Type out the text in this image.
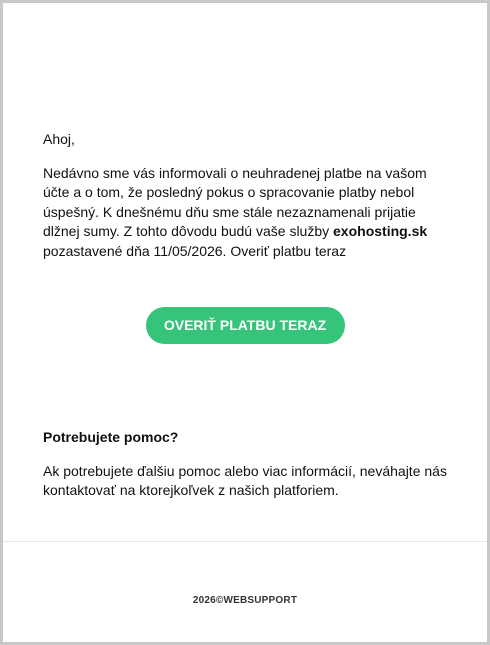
Ahoj,

Nedávno sme vás informovali o neuhradenej platbe na vašom účte a o tom, že posledný pokus o spracovanie platby nebol úspešný. K dnešnému dňu sme stále nezaznamenali prijatie dlžnej sumy. Z tohto dôvodu budú vaše služby exohosting.sk pozastavené dňa 11/05/2026. Overiť platbu teraz

OVERIŤ PLATBU TERAZ

Potrebujete pomoc?

Ak potrebujete ďalšiu pomoc alebo viac informácií, neváhajte nás kontaktovať na ktorejkoľvek z našich platforiem.

2026©WEBSUPPORT
